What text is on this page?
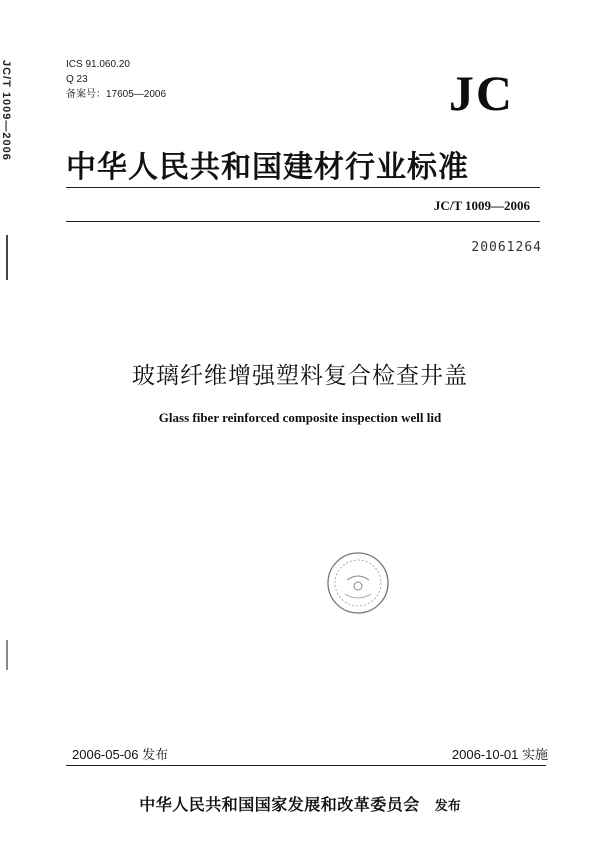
JC/T 1009—2006	ICS 91.060.20
Q 23
备案号：17605—2006	JC
中华人民共和国建材行业标准
JC/T 1009—2006
20061264
玻璃纤维增强塑料复合检查井盖
Glass fiber reinforced composite inspection well lid
2006-05-06 发布	2006-10-01 实施
中华人民共和国国家发展和改革委员会 发布
